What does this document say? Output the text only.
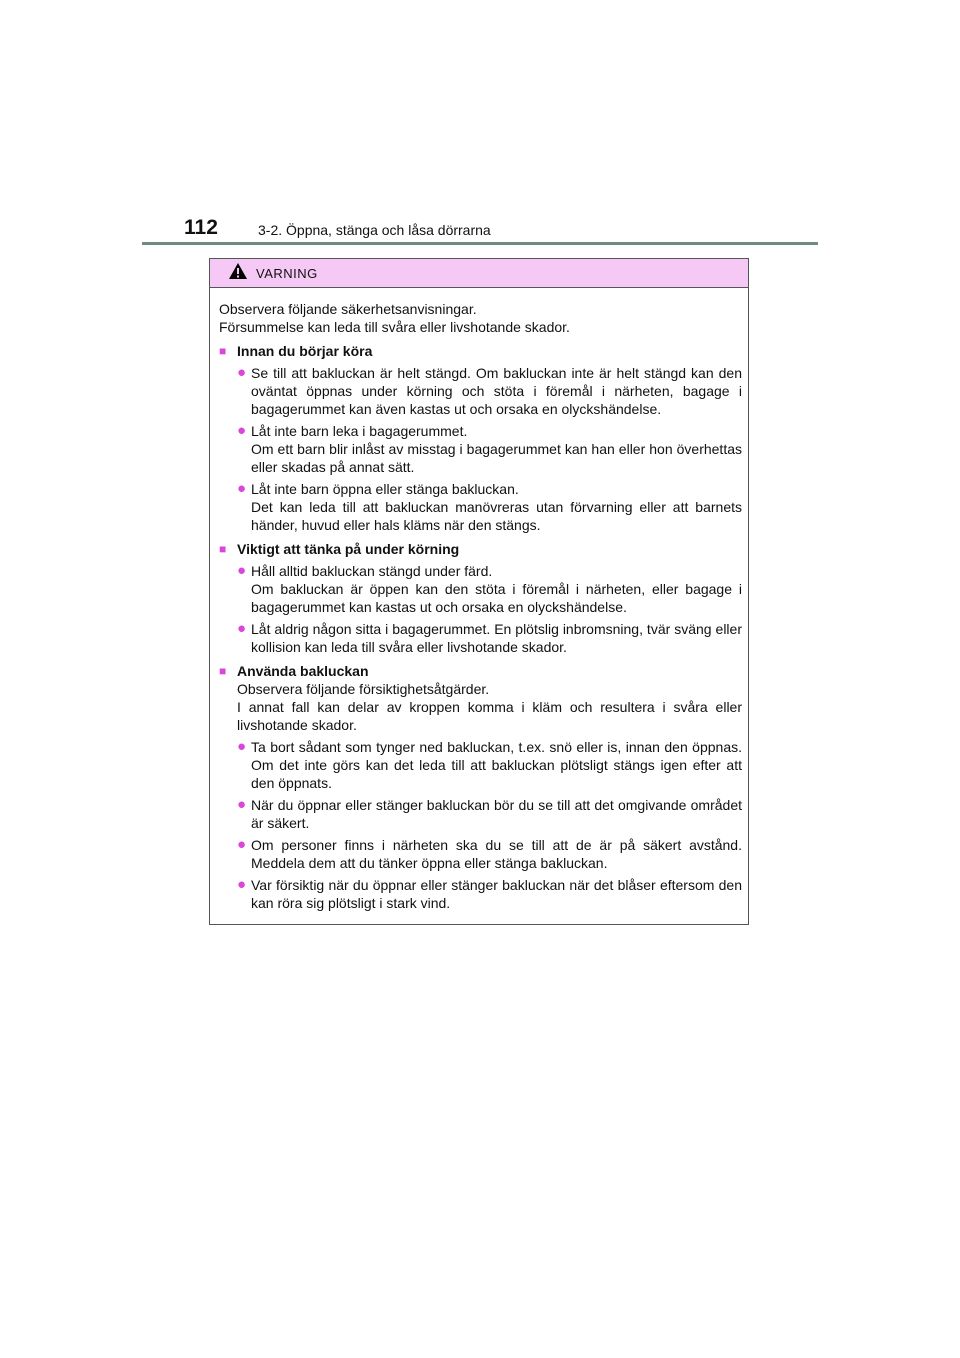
112	3-2. Öppna, stänga och låsa dörrarna
VARNING

Observera följande säkerhetsanvisningar.

Försummelse kan leda till svåra eller livshotande skador.

■ Innan du börjar köra
● Se till att bakluckan är helt stängd. Om bakluckan inte är helt stängd kan den oväntat öppnas under körning och stöta i föremål i närheten, bagage i bagagerummet kan även kastas ut och orsaka en olyckshändelse.

● Låt inte barn leka i bagagerummet.

Om ett barn blir inlåst av misstag i bagagerummet kan han eller hon överhettas eller skadas på annat sätt.

● Låt inte barn öppna eller stänga bakluckan.

Det kan leda till att bakluckan manövreras utan förvarning eller att barnets händer, huvud eller hals kläms när den stängs.

■ Viktigt att tänka på under körning
● Håll alltid bakluckan stängd under färd.

Om bakluckan är öppen kan den stöta i föremål i närheten, eller bagage i bagagerummet kan kastas ut och orsaka en olyckshändelse.

● Låt aldrig någon sitta i bagagerummet. En plötslig inbromsning, tvär sväng eller kollision kan leda till svåra eller livshotande skador.

■ Använda bakluckan

Observera följande försiktighetsåtgärder.

I annat fall kan delar av kroppen komma i kläm och resultera i svåra eller livshotande skador.

● Ta bort sådant som tynger ned bakluckan, t.ex. snö eller is, innan den öppnas. Om det inte görs kan det leda till att bakluckan plötsligt stängs igen efter att den öppnats.

● När du öppnar eller stänger bakluckan bör du se till att det omgivande området är säkert.

● Om personer finns i närheten ska du se till att de är på säkert avstånd. Meddela dem att du tänker öppna eller stänga bakluckan.

● Var försiktig när du öppnar eller stänger bakluckan när det blåser eftersom den kan röra sig plötsligt i stark vind.
